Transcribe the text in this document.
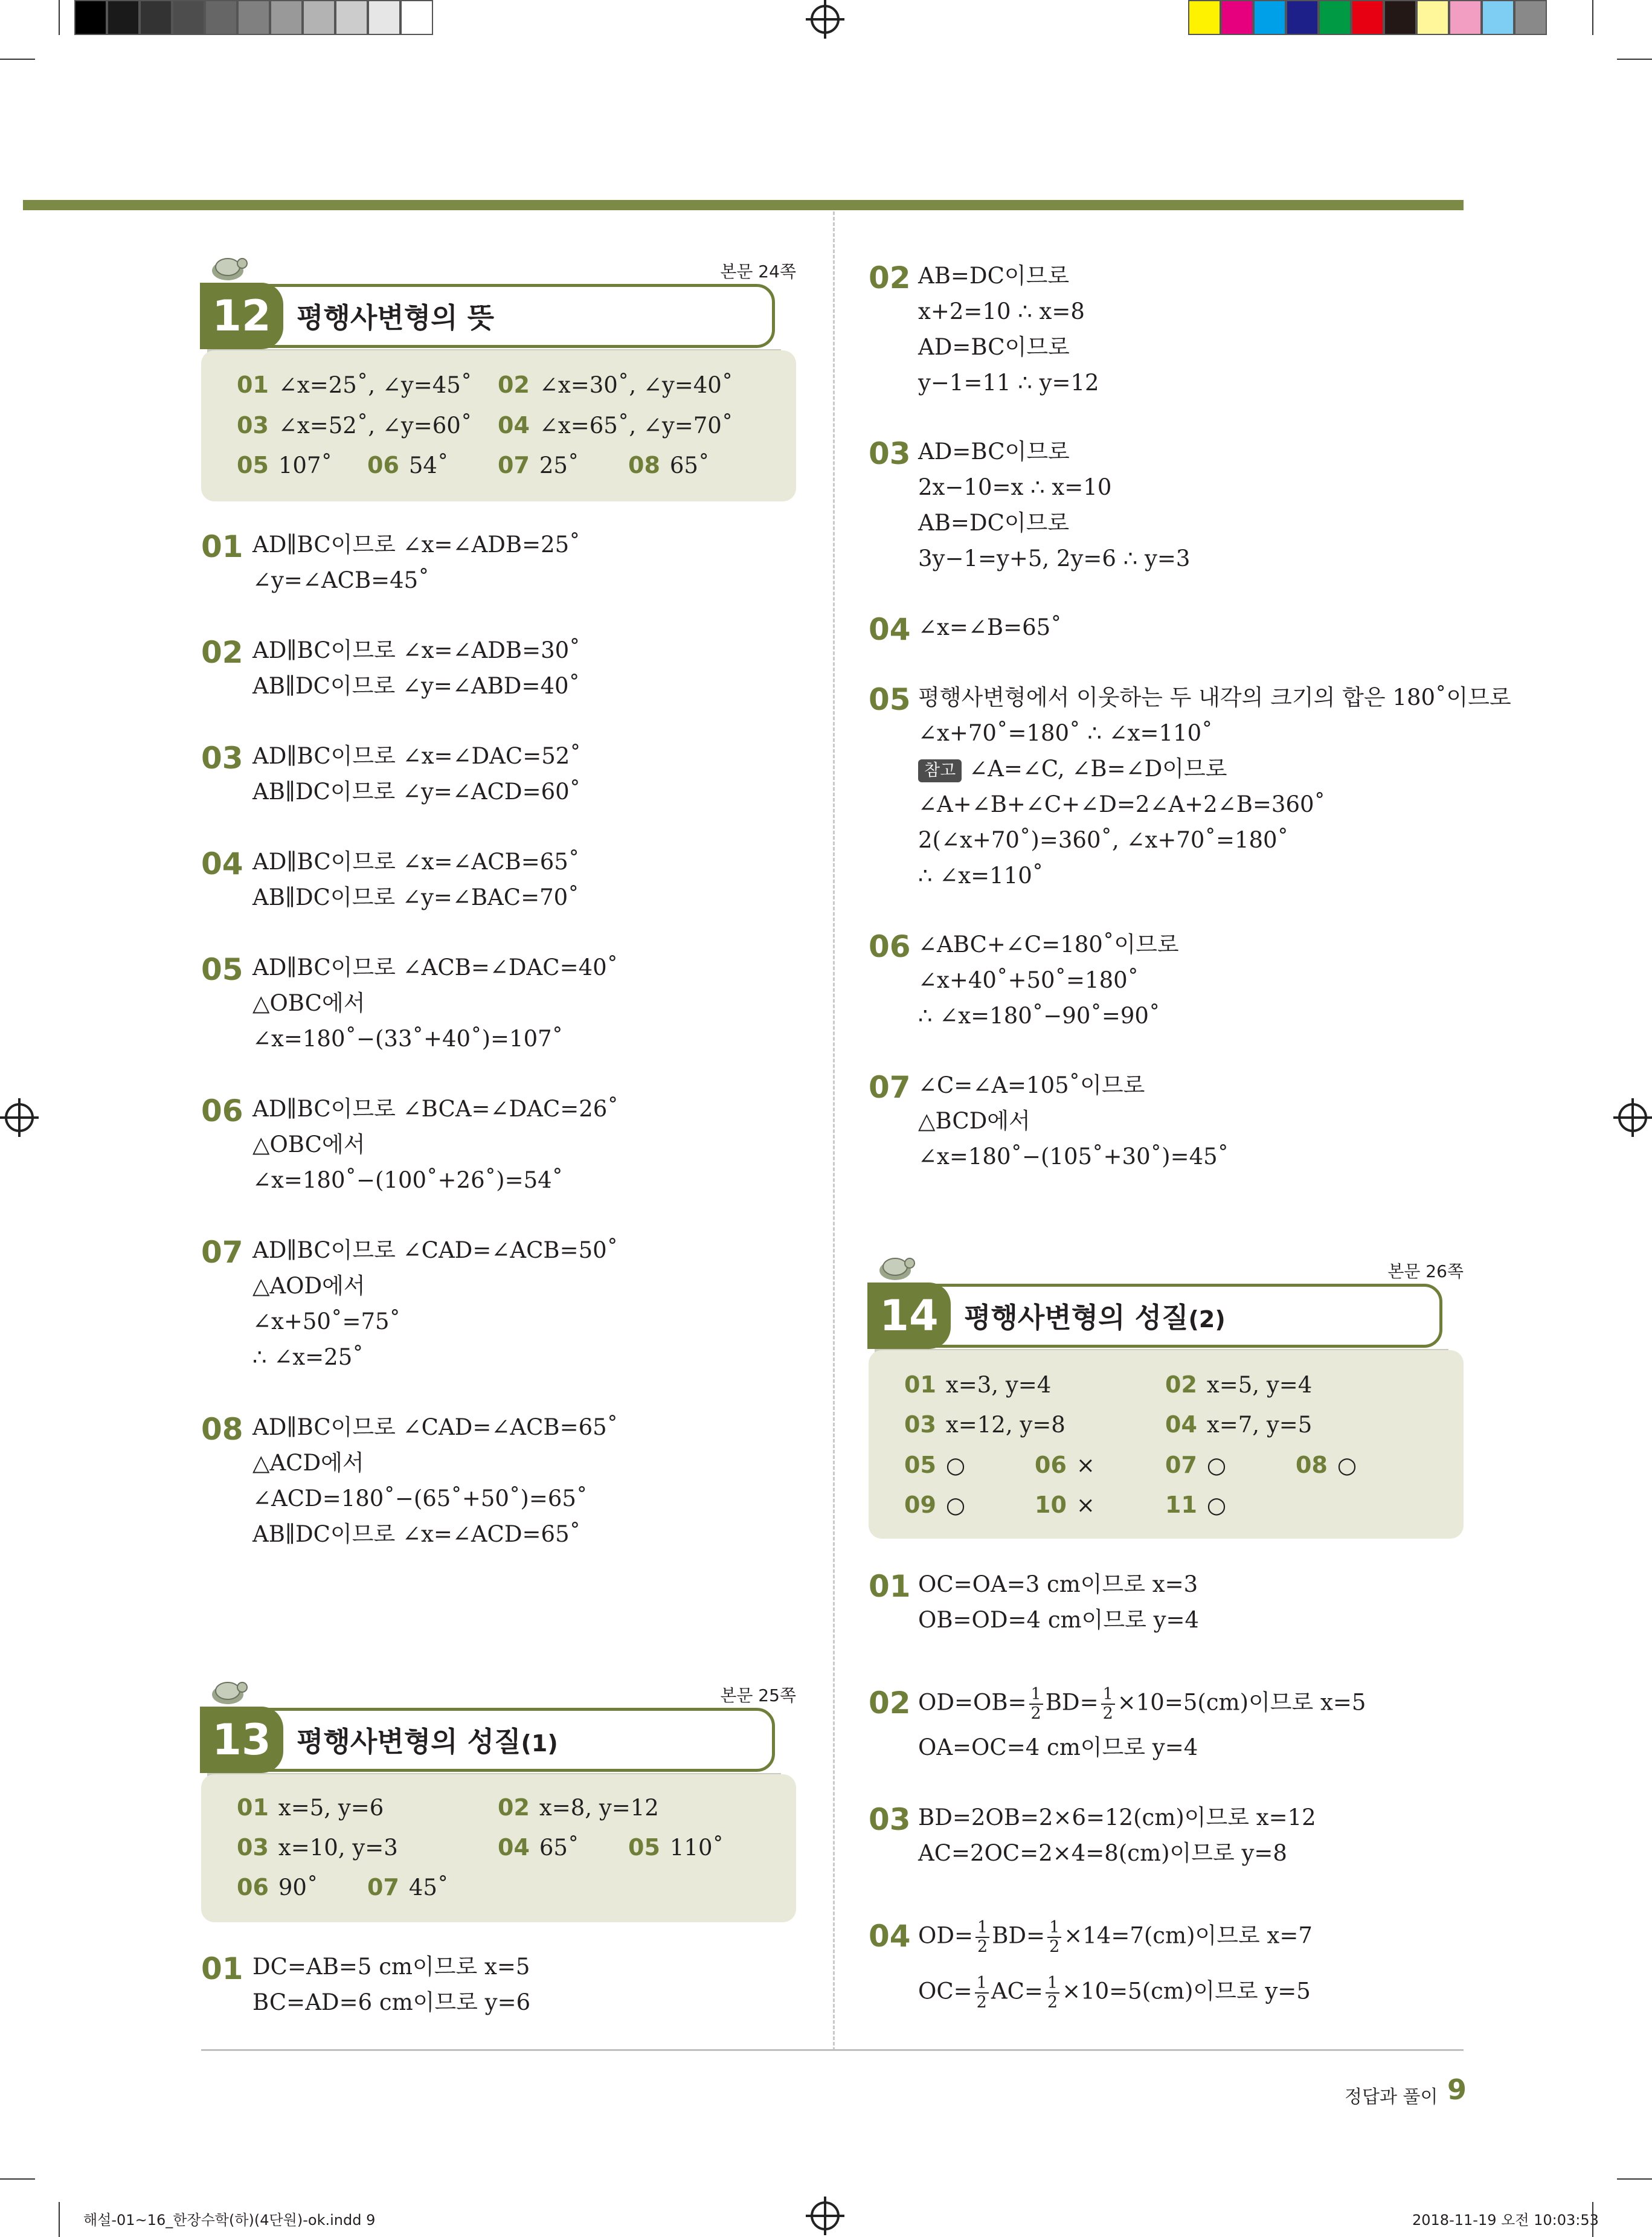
본문 24쪽
12 평행사변형의 뜻
01 ∠x=25˚, ∠y=45˚ 02 ∠x=30˚, ∠y=40˚
03 ∠x=52˚, ∠y=60˚ 04 ∠x=65˚, ∠y=70˚
05 107˚ 06 54˚ 07 25˚ 08 65˚
01 AD∥BC이므로 ∠x=∠ADB=25˚
∠y=∠ACB=45˚
02 AD∥BC이므로 ∠x=∠ADB=30˚
AB∥DC이므로 ∠y=∠ABD=40˚
03 AD∥BC이므로 ∠x=∠DAC=52˚
AB∥DC이므로 ∠y=∠ACD=60˚
04 AD∥BC이므로 ∠x=∠ACB=65˚
AB∥DC이므로 ∠y=∠BAC=70˚
05 AD∥BC이므로 ∠ACB=∠DAC=40˚
△OBC에서
∠x=180˚−(33˚+40˚)=107˚
06 AD∥BC이므로 ∠BCA=∠DAC=26˚
△OBC에서
∠x=180˚−(100˚+26˚)=54˚
07 AD∥BC이므로 ∠CAD=∠ACB=50˚
△AOD에서
∠x+50˚=75˚
∴ ∠x=25˚
08 AD∥BC이므로 ∠CAD=∠ACB=65˚
△ACD에서
∠ACD=180˚−(65˚+50˚)=65˚
AB∥DC이므로 ∠x=∠ACD=65˚
본문 25쪽
13 평행사변형의 성질(1)
01 x=5, y=6	02 x=8, y=12
03 x=10, y=3	04 65˚ 05 110˚
06 90˚ 07 45˚
01 DC=AB=5 cm이므로 x=5
BC=AD=6 cm이므로 y=6
02 AB=DC이므로
x+2=10 ∴ x=8
AD=BC이므로
y−1=11 ∴ y=12
03 AD=BC이므로
2x−10=x ∴ x=10
AB=DC이므로
3y−1=y+5, 2y=6 ∴ y=3
04 ∠x=∠B=65˚
05 평행사변형에서 이웃하는 두 내각의 크기의 합은 180˚이므로
∠x+70˚=180˚ ∴ ∠x=110˚
참고 ∠A=∠C, ∠B=∠D이므로
∠A+∠B+∠C+∠D=2∠A+2∠B=360˚
2(∠x+70˚)=360˚, ∠x+70˚=180˚
∴ ∠x=110˚
06 ∠ABC+∠C=180˚이므로
∠x+40˚+50˚=180˚
∴ ∠x=180˚−90˚=90˚
07 ∠C=∠A=105˚이므로
△BCD에서
∠x=180˚−(105˚+30˚)=45˚
본문 26쪽
14 평행사변형의 성질(2)
01 x=3, y=4	02 x=5, y=4
03 x=12, y=8	04 x=7, y=5
05 ○	06 ×	07 ○	08 ○
09 ○	10 ×	11 ○
01 OC=OA=3 cm이므로 x=3
OB=OD=4 cm이므로 y=4
02 $OD=OB= \frac{1}{2} BD= \frac{1}{2} \times 10=5(cm)$이므로 x=5
OA=OC=4 cm이므로 y=4
03 BD=2OB=2×6=12(cm)이므로 x=12
AC=2OC=2×4=8(cm)이므로 y=8
04 $OD= \frac{1}{2} BD= \frac{1}{2} \times 14=7(cm)$이므로 x=7
$OC= \frac{1}{2} AC= \frac{1}{2} \times 10=5(cm)$이므로 y=5
정답과 풀이 9
해설-01~16_한장수학(하)(4단원)-ok.indd 9	2018-11-19 오전 10:03:53
